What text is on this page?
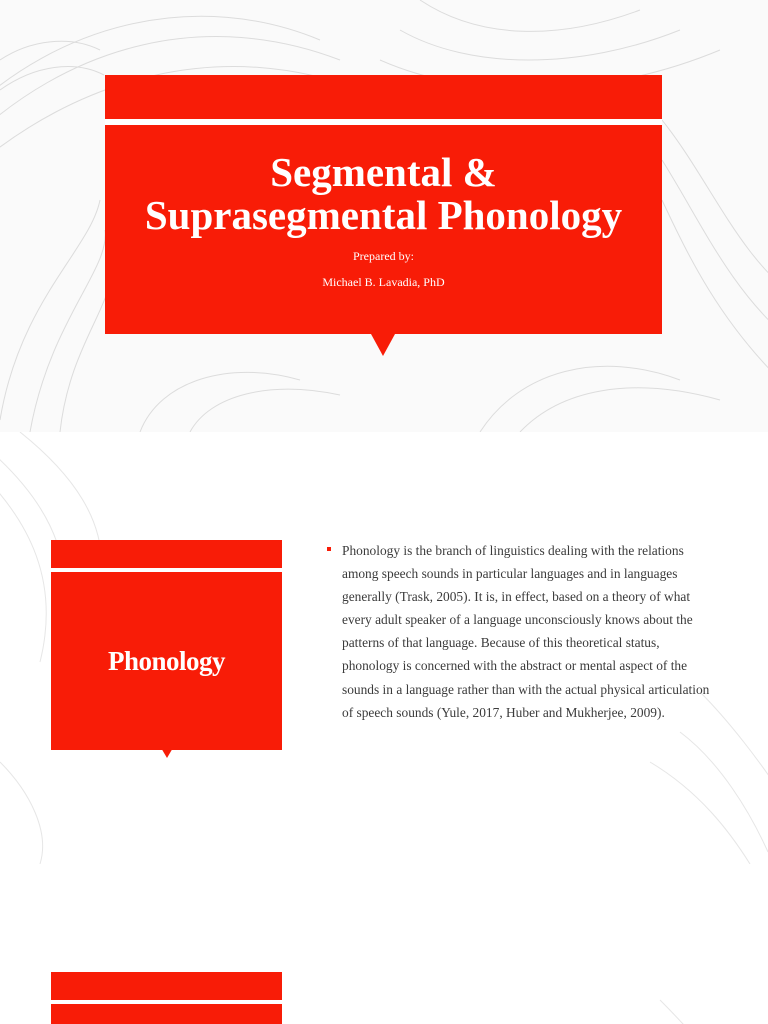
Segmental &
Suprasegmental Phonology
Prepared by:
Michael B. Lavadia, PhD
Phonology

Phonology is the branch of linguistics dealing with the relations among speech sounds in particular languages and in languages generally (Trask, 2005). It is, in effect, based on a theory of what every adult speaker of a language unconsciously knows about the patterns of that language. Because of this theoretical status, phonology is concerned with the abstract or mental aspect of the sounds in a language rather than with the actual physical articulation of speech sounds (Yule, 2017, Huber and Mukherjee, 2009).
